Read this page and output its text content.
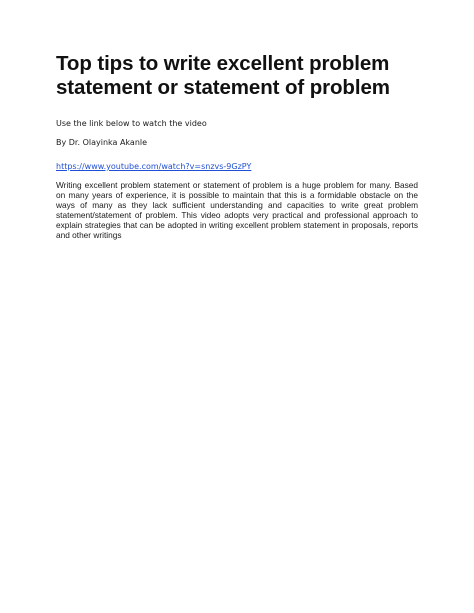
Top tips to write excellent problem statement or statement of problem

Use the link below to watch the video

By Dr. Olayinka Akanle

https://www.youtube.com/watch?v=snzvs-9GzPY

Writing excellent problem statement or statement of problem is a huge problem for many. Based on many years of experience, it is possible to maintain that this is a formidable obstacle on the ways of many as they lack sufficient understanding and capacities to write great problem statement/statement of problem. This video adopts very practical and professional approach to explain strategies that can be adopted in writing excellent problem statement in proposals, reports and other writings
